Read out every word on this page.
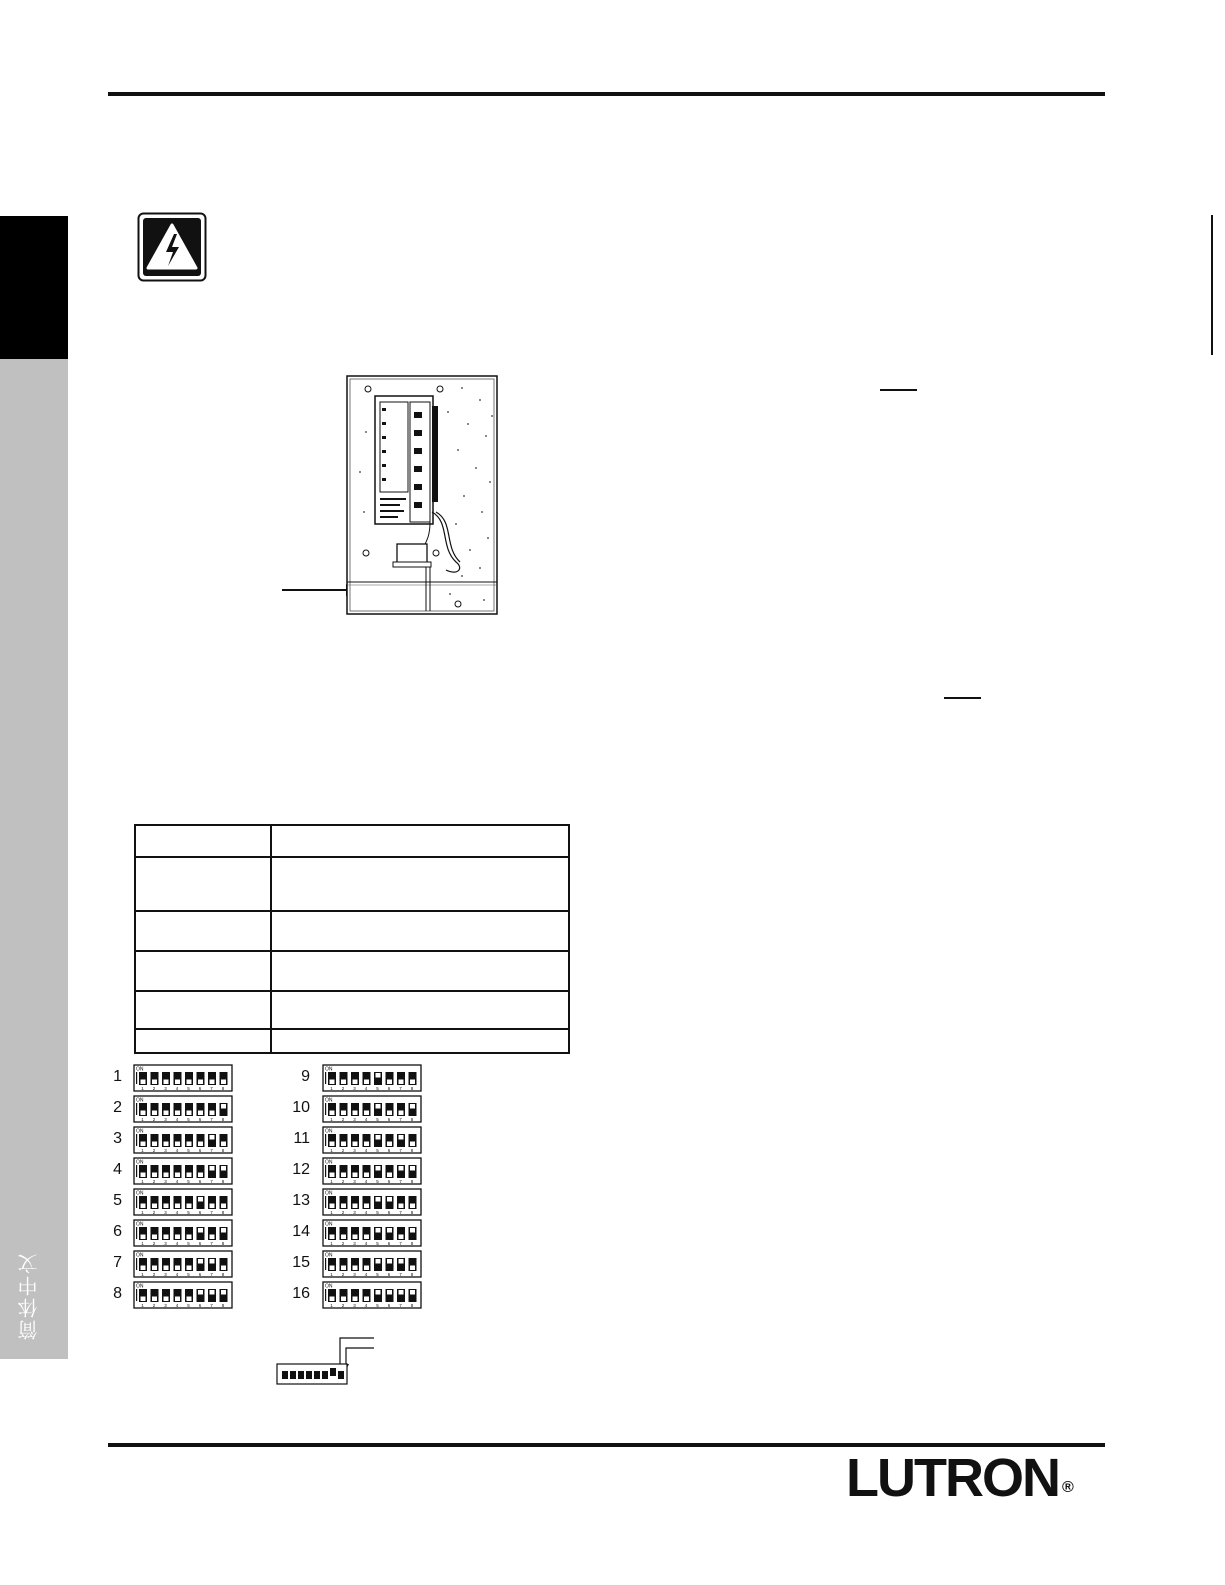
简体中文

1	ON
1 2 3 4 5 6 7 8
2	ON
1 2 3 4 5 6 7 8
3	ON
1 2 3 4 5 6 7 8
4	ON
1 2 3 4 5 6 7 8
5	ON
1 2 3 4 5 6 7 8
6	ON
1 2 3 4 5 6 7 8
7	ON
1 2 3 4 5 6 7 8
8	ON
1 2 3 4 5 6 7 8
9	ON
1 2 3 4 5 6 7 8
10	ON
1 2 3 4 5 6 7 8
11	ON
1 2 3 4 5 6 7 8
12	ON
1 2 3 4 5 6 7 8
13	ON
1 2 3 4 5 6 7 8
14	ON
1 2 3 4 5 6 7 8
15	ON
1 2 3 4 5 6 7 8
16	ON
1 2 3 4 5 6 7 8
LUTRON ®
